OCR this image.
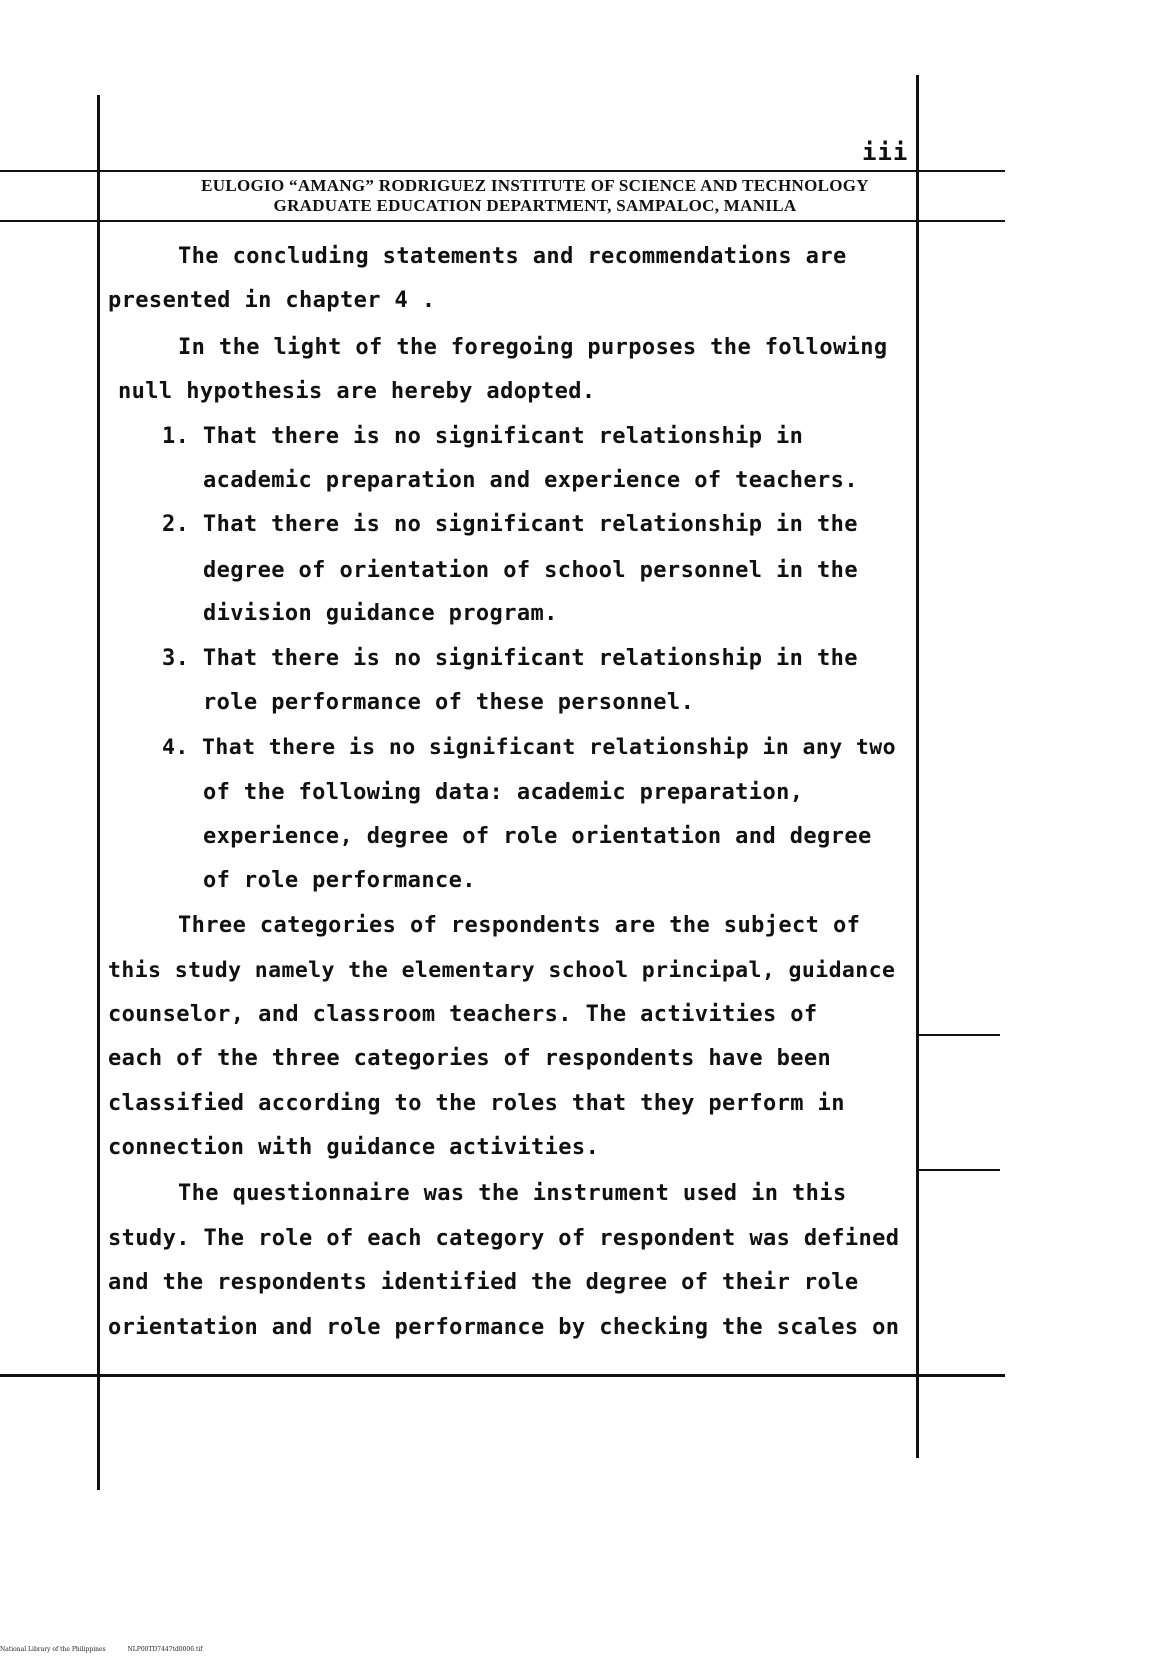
iii
EULOGIO “AMANG” RODRIGUEZ INSTITUTE OF SCIENCE AND TECHNOLOGY
GRADUATE EDUCATION DEPARTMENT, SAMPALOC, MANILA
The concluding statements and recommendations are
presented in chapter 4 .
In the light of the foregoing purposes the following
null hypothesis are hereby adopted.
1. That there is no significant relationship in
academic preparation and experience of teachers.
2. That there is no significant relationship in the
degree of orientation of school personnel in the
division guidance program.
3. That there is no significant relationship in the
role performance of these personnel.
4. That there is no significant relationship in any two
of the following data: academic preparation,
experience, degree of role orientation and degree
of role performance.
Three categories of respondents are the subject of
this study namely the elementary school principal, guidance
counselor, and classroom teachers. The activities of
each of the three categories of respondents have been
classified according to the roles that they perform in
connection with guidance activities.
The questionnaire was the instrument used in this
study. The role of each category of respondent was defined
and the respondents identified the degree of their role
orientation and role performance by checking the scales on
National Library of the Philippines	NLP00TD7447td0006.tif
